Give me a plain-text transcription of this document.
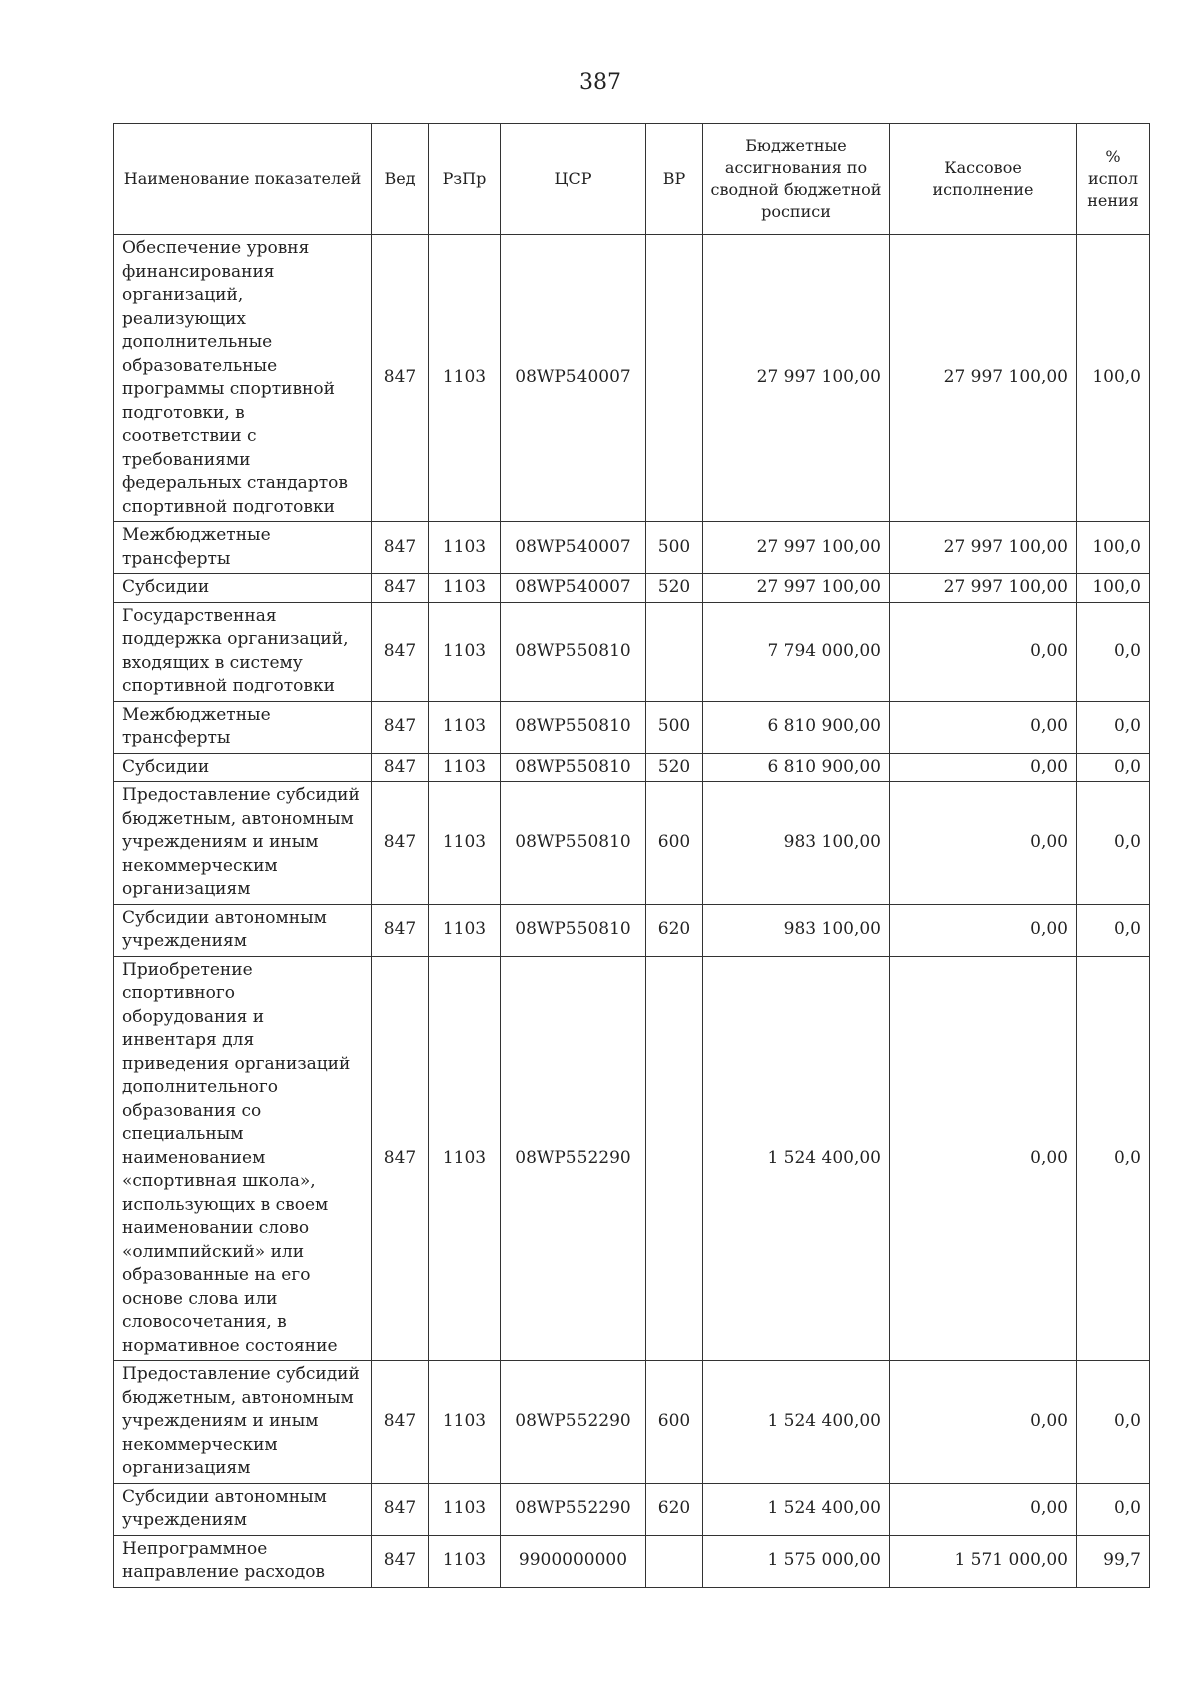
387
Наименование показателей	Вед	РзПр	ЦСР	ВР	Бюджетные ассигнования по сводной бюджетной росписи	Кассовое исполнение	% испол нения
Обеспечение уровня финансирования организаций, реализующих дополнительные образовательные программы спортивной подготовки, в соответствии с требованиями федеральных стандартов спортивной подготовки	847	1103	08WP540007		27 997 100,00	27 997 100,00	100,0
Межбюджетные трансферты	847	1103	08WP540007	500	27 997 100,00	27 997 100,00	100,0
Субсидии	847	1103	08WP540007	520	27 997 100,00	27 997 100,00	100,0
Государственная поддержка организаций, входящих в систему спортивной подготовки	847	1103	08WP550810		7 794 000,00	0,00	0,0
Межбюджетные трансферты	847	1103	08WP550810	500	6 810 900,00	0,00	0,0
Субсидии	847	1103	08WP550810	520	6 810 900,00	0,00	0,0
Предоставление субсидий бюджетным, автономным учреждениям и иным некоммерческим организациям	847	1103	08WP550810	600	983 100,00	0,00	0,0
Субсидии автономным учреждениям	847	1103	08WP550810	620	983 100,00	0,00	0,0
Приобретение спортивного оборудования и инвентаря для приведения организаций дополнительного образования со специальным наименованием «спортивная школа», использующих в своем наименовании слово «олимпийский» или образованные на его основе слова или словосочетания, в нормативное состояние	847	1103	08WP552290		1 524 400,00	0,00	0,0
Предоставление субсидий бюджетным, автономным учреждениям и иным некоммерческим организациям	847	1103	08WP552290	600	1 524 400,00	0,00	0,0
Субсидии автономным учреждениям	847	1103	08WP552290	620	1 524 400,00	0,00	0,0
Непрограммное направление расходов	847	1103	9900000000		1 575 000,00	1 571 000,00	99,7
